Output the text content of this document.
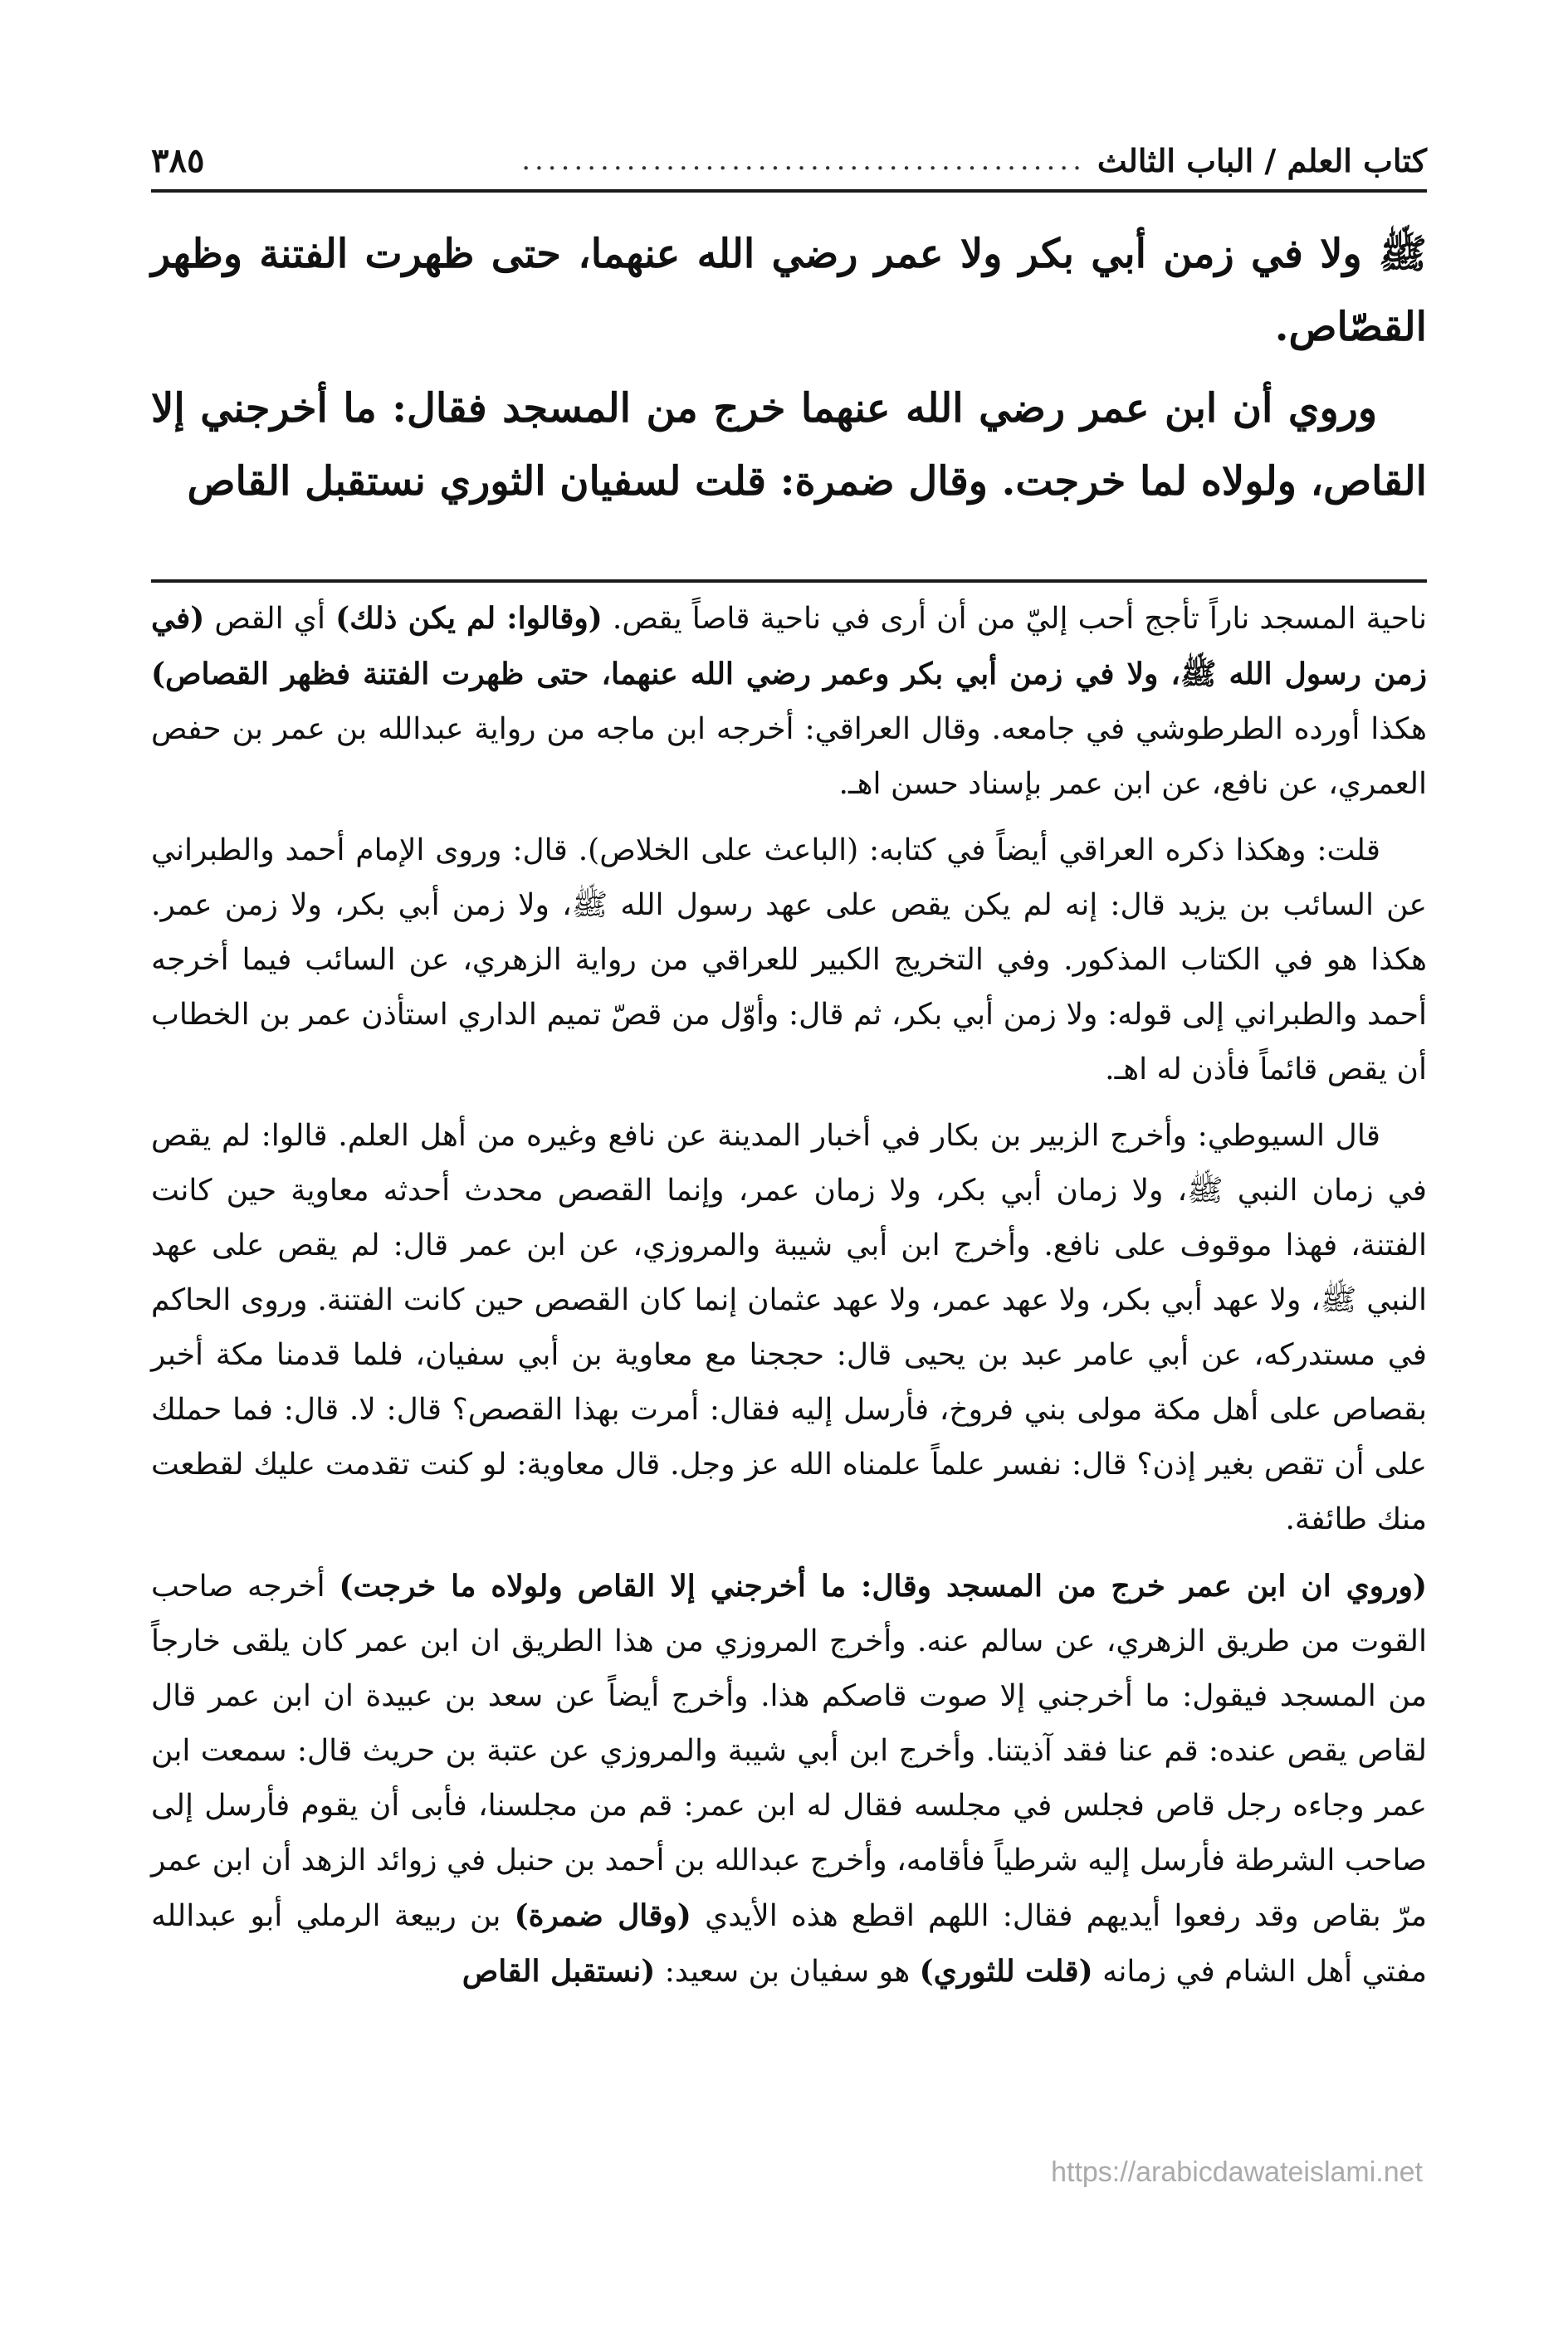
كتاب العلم / الباب الثالث
...........................................
٣٨٥

ﷺ ولا في زمن أبي بكر ولا عمر رضي الله عنهما، حتى ظهرت الفتنة وظهر القصّاص.

وروي أن ابن عمر رضي الله عنهما خرج من المسجد فقال: ما أخرجني إلا القاص، ولولاه لما خرجت. وقال ضمرة: قلت لسفيان الثوري نستقبل القاص

ناحية المسجد ناراً تأجج أحب إليّ من أن أرى في ناحية قاصاً يقص. (وقالوا: لم يكن ذلك) أي القص (في زمن رسول الله ﷺ، ولا في زمن أبي بكر وعمر رضي الله عنهما، حتى ظهرت الفتنة فظهر القصاص) هكذا أورده الطرطوشي في جامعه. وقال العراقي: أخرجه ابن ماجه من رواية عبدالله بن عمر بن حفص العمري، عن نافع، عن ابن عمر بإسناد حسن اهـ.

قلت: وهكذا ذكره العراقي أيضاً في كتابه: (الباعث على الخلاص). قال: وروى الإمام أحمد والطبراني عن السائب بن يزيد قال: إنه لم يكن يقص على عهد رسول الله ﷺ، ولا زمن أبي بكر، ولا زمن عمر. هكذا هو في الكتاب المذكور. وفي التخريج الكبير للعراقي من رواية الزهري، عن السائب فيما أخرجه أحمد والطبراني إلى قوله: ولا زمن أبي بكر، ثم قال: وأوّل من قصّ تميم الداري استأذن عمر بن الخطاب أن يقص قائماً فأذن له اهـ.

قال السيوطي: وأخرج الزبير بن بكار في أخبار المدينة عن نافع وغيره من أهل العلم. قالوا: لم يقص في زمان النبي ﷺ، ولا زمان أبي بكر، ولا زمان عمر، وإنما القصص محدث أحدثه معاوية حين كانت الفتنة، فهذا موقوف على نافع. وأخرج ابن أبي شيبة والمروزي، عن ابن عمر قال: لم يقص على عهد النبي ﷺ، ولا عهد أبي بكر، ولا عهد عمر، ولا عهد عثمان إنما كان القصص حين كانت الفتنة. وروى الحاكم في مستدركه، عن أبي عامر عبد بن يحيى قال: حججنا مع معاوية بن أبي سفيان، فلما قدمنا مكة أخبر بقصاص على أهل مكة مولى بني فروخ، فأرسل إليه فقال: أمرت بهذا القصص؟ قال: لا. قال: فما حملك على أن تقص بغير إذن؟ قال: نفسر علماً علمناه الله عز وجل. قال معاوية: لو كنت تقدمت عليك لقطعت منك طائفة.

(وروي ان ابن عمر خرج من المسجد وقال: ما أخرجني إلا القاص ولولاه ما خرجت) أخرجه صاحب القوت من طريق الزهري، عن سالم عنه. وأخرج المروزي من هذا الطريق ان ابن عمر كان يلقى خارجاً من المسجد فيقول: ما أخرجني إلا صوت قاصكم هذا. وأخرج أيضاً عن سعد بن عبيدة ان ابن عمر قال لقاص يقص عنده: قم عنا فقد آذيتنا. وأخرج ابن أبي شيبة والمروزي عن عتبة بن حريث قال: سمعت ابن عمر وجاءه رجل قاص فجلس في مجلسه فقال له ابن عمر: قم من مجلسنا، فأبى أن يقوم فأرسل إلى صاحب الشرطة فأرسل إليه شرطياً فأقامه، وأخرج عبدالله بن أحمد بن حنبل في زوائد الزهد أن ابن عمر مرّ بقاص وقد رفعوا أيديهم فقال: اللهم اقطع هذه الأيدي (وقال ضمرة) بن ربيعة الرملي أبو عبدالله مفتي أهل الشام في زمانه (قلت للثوري) هو سفيان بن سعيد: (نستقبل القاص

https://arabicdawateislami.net
